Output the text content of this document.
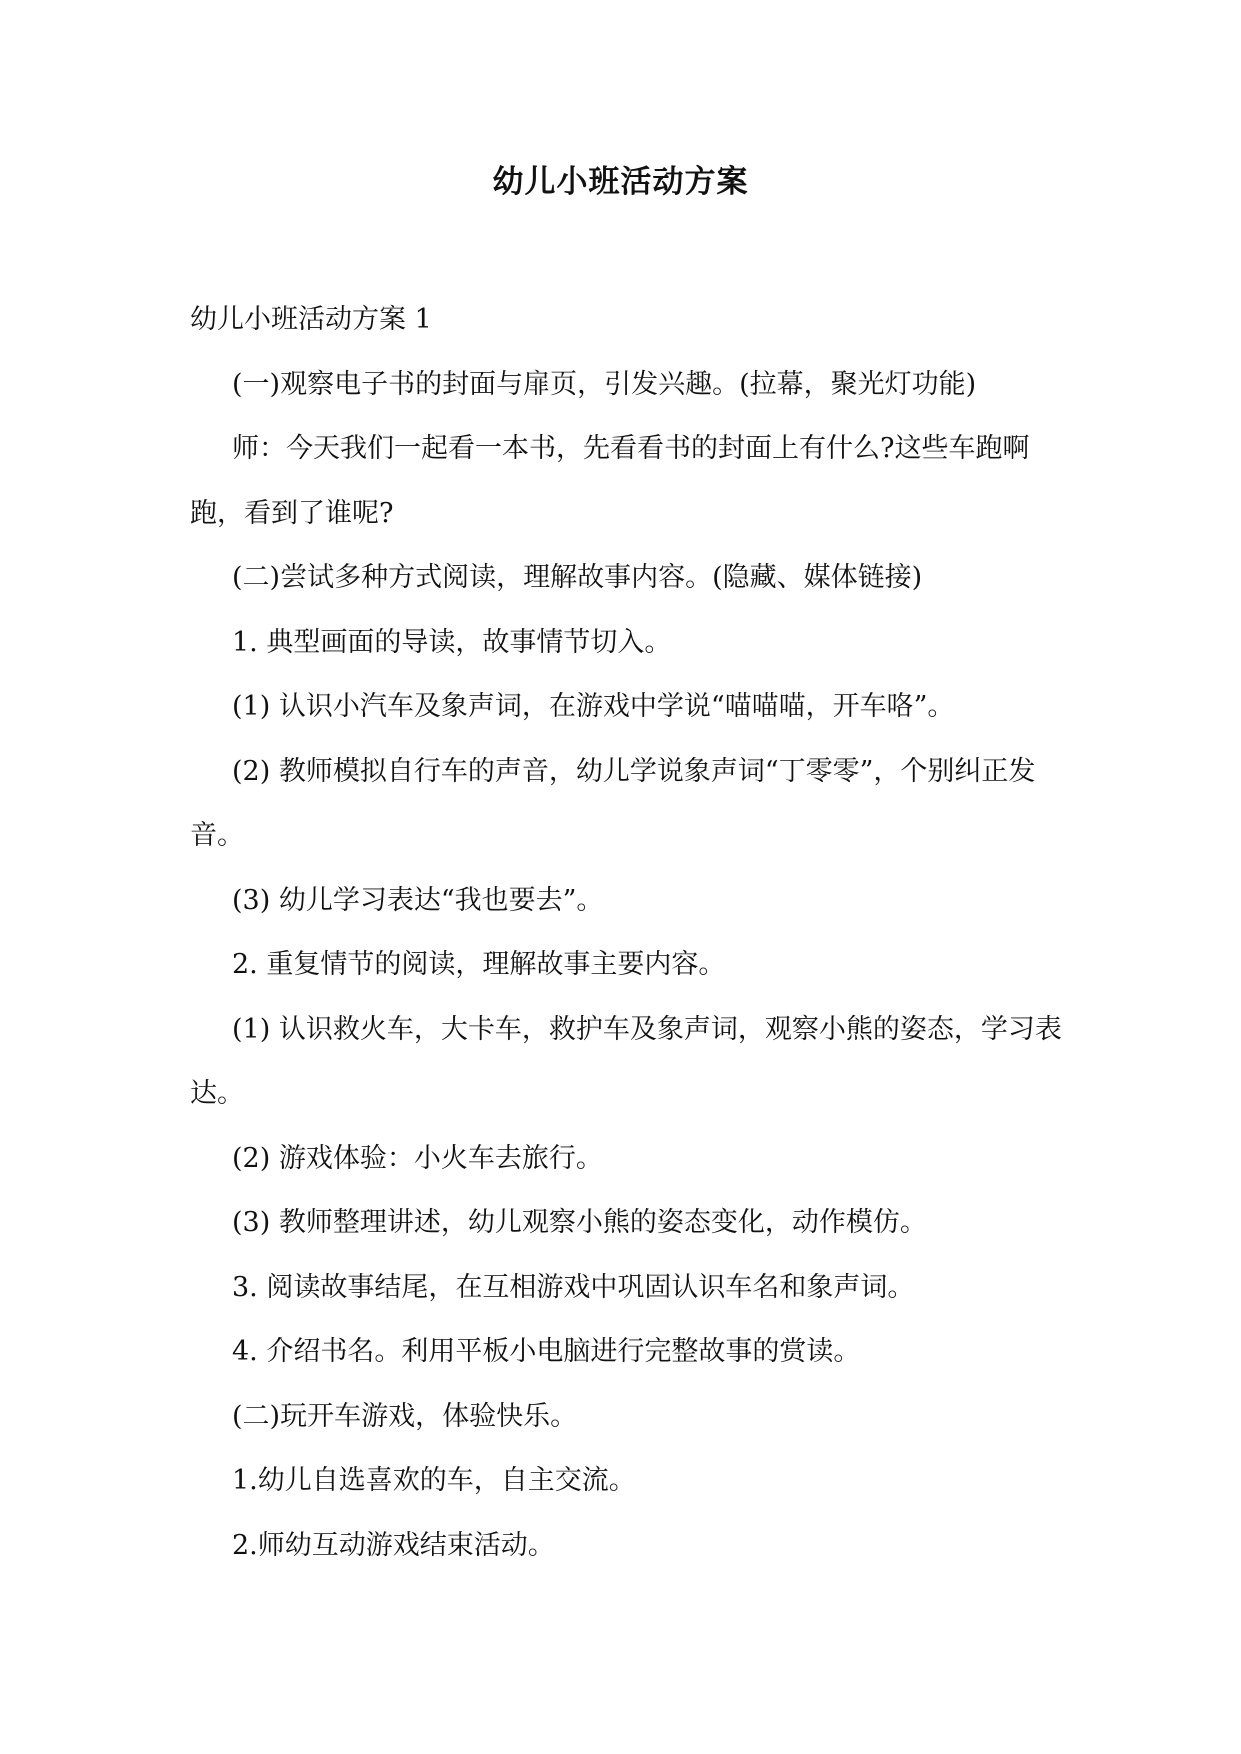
幼儿小班活动方案

幼儿小班活动方案 1

(一)观察电子书的封面与扉页，引发兴趣。(拉幕，聚光灯功能)

师：今天我们一起看一本书，先看看书的封面上有什么?这些车跑啊跑，看到了谁呢?

(二)尝试多种方式阅读，理解故事内容。(隐藏、媒体链接)

1. 典型画面的导读，故事情节切入。

(1) 认识小汽车及象声词，在游戏中学说“喵喵喵，开车咯”。

(2) 教师模拟自行车的声音，幼儿学说象声词“丁零零”，个别纠正发音。

(3) 幼儿学习表达“我也要去”。

2. 重复情节的阅读，理解故事主要内容。

(1) 认识救火车，大卡车，救护车及象声词，观察小熊的姿态，学习表达。

(2) 游戏体验：小火车去旅行。

(3) 教师整理讲述，幼儿观察小熊的姿态变化，动作模仿。

3. 阅读故事结尾，在互相游戏中巩固认识车名和象声词。

4. 介绍书名。利用平板小电脑进行完整故事的赏读。

(二)玩开车游戏，体验快乐。

1.幼儿自选喜欢的车，自主交流。

2.师幼互动游戏结束活动。
